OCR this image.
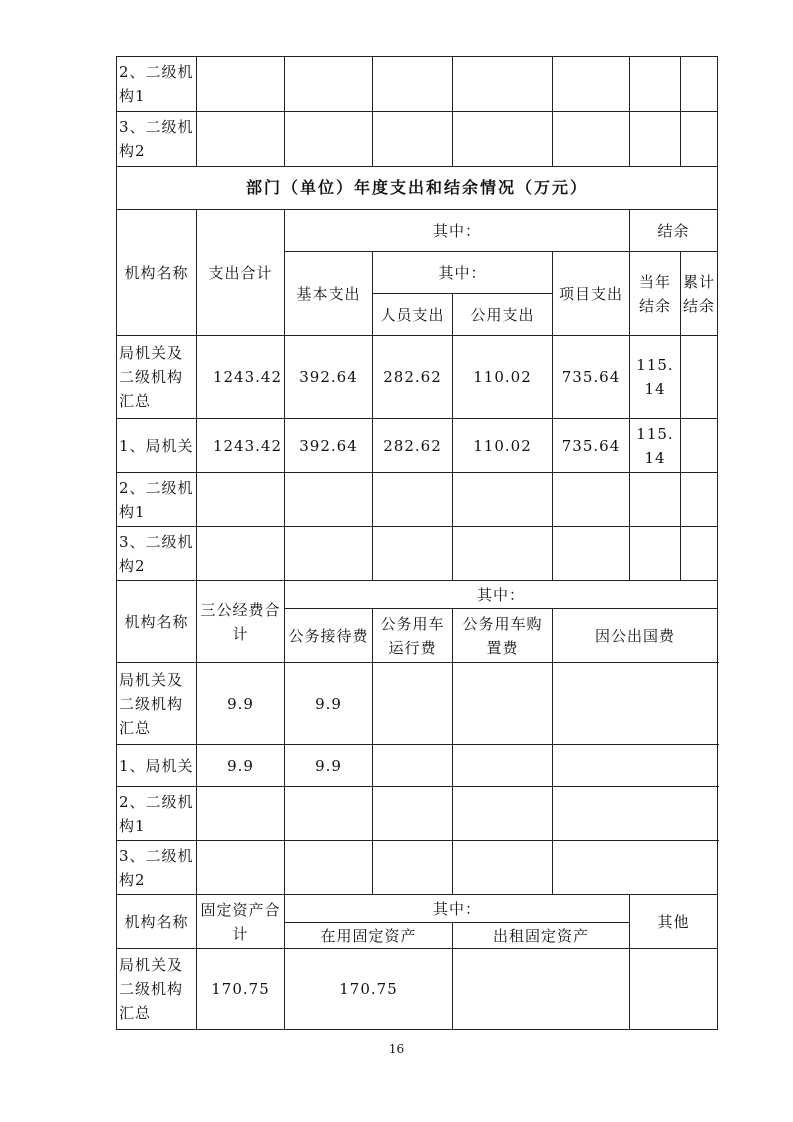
2、二级机构1							
3、二级机构2							
部门（单位）年度支出和结余情况（万元）							
机构名称	支出合计	其中：				结余	
		基本支出	其中：		项目支出	当年结余	累计结余
			人员支出	公用支出			
局机关及二级机构汇总	1243.42	392.64	282.62	110.02	735.64	115.14	
1、局机关	1243.42	392.64	282.62	110.02	735.64	115.14	
2、二级机构1							
3、二级机构2							
机构名称	三公经费合计	其中：					
		公务接待费	公务用车运行费	公务用车购置费	因公出国费		
局机关及二级机构汇总	9.9	9.9					
1、局机关	9.9	9.9					
2、二级机构1							
3、二级机构2							
机构名称	固定资产合计	其中：				其他	
		在用固定资产		出租固定资产			
局机关及二级机构汇总	170.75	170.75					
16
